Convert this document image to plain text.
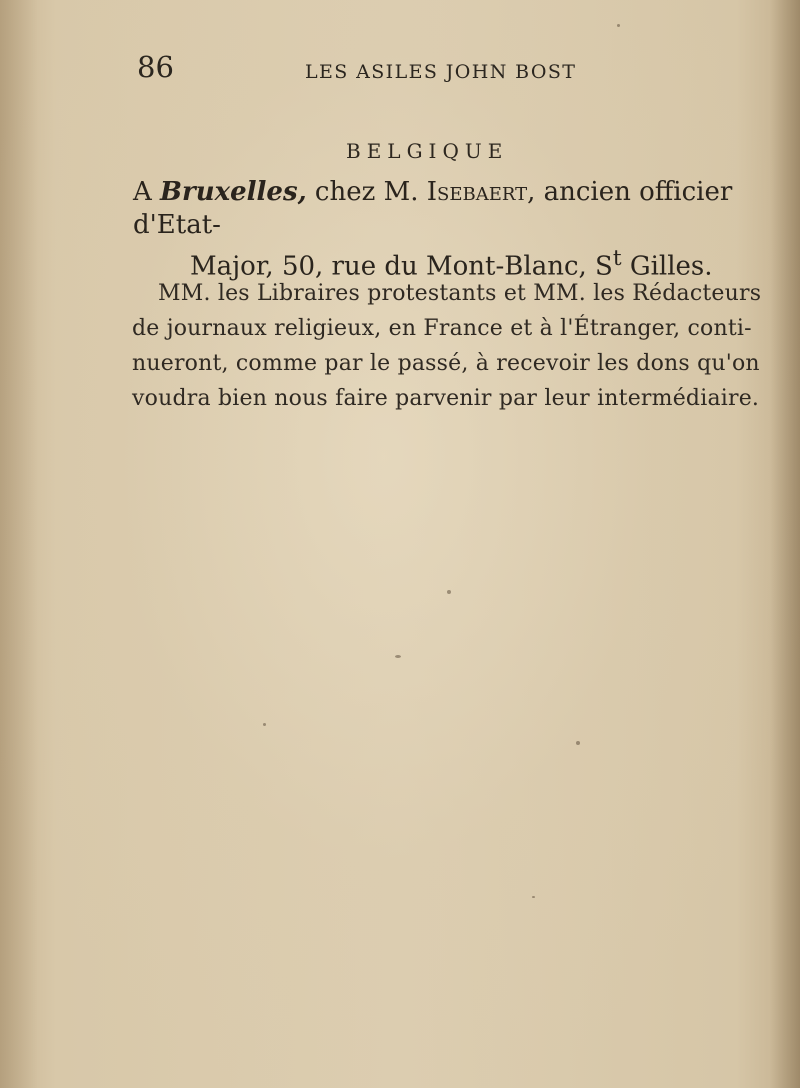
86	LES ASILES JOHN BOST
BELGIQUE
A Bruxelles, chez M. Isebaert, ancien officier d'Etat-
Major, 50, rue du Mont-Blanc, $S^t$ Gilles.
MM. les Libraires protestants et MM. les Rédacteurs
de journaux religieux, en France et à l'Étranger, conti-
nueront, comme par le passé, à recevoir les dons qu'on
voudra bien nous faire parvenir par leur intermédiaire.
